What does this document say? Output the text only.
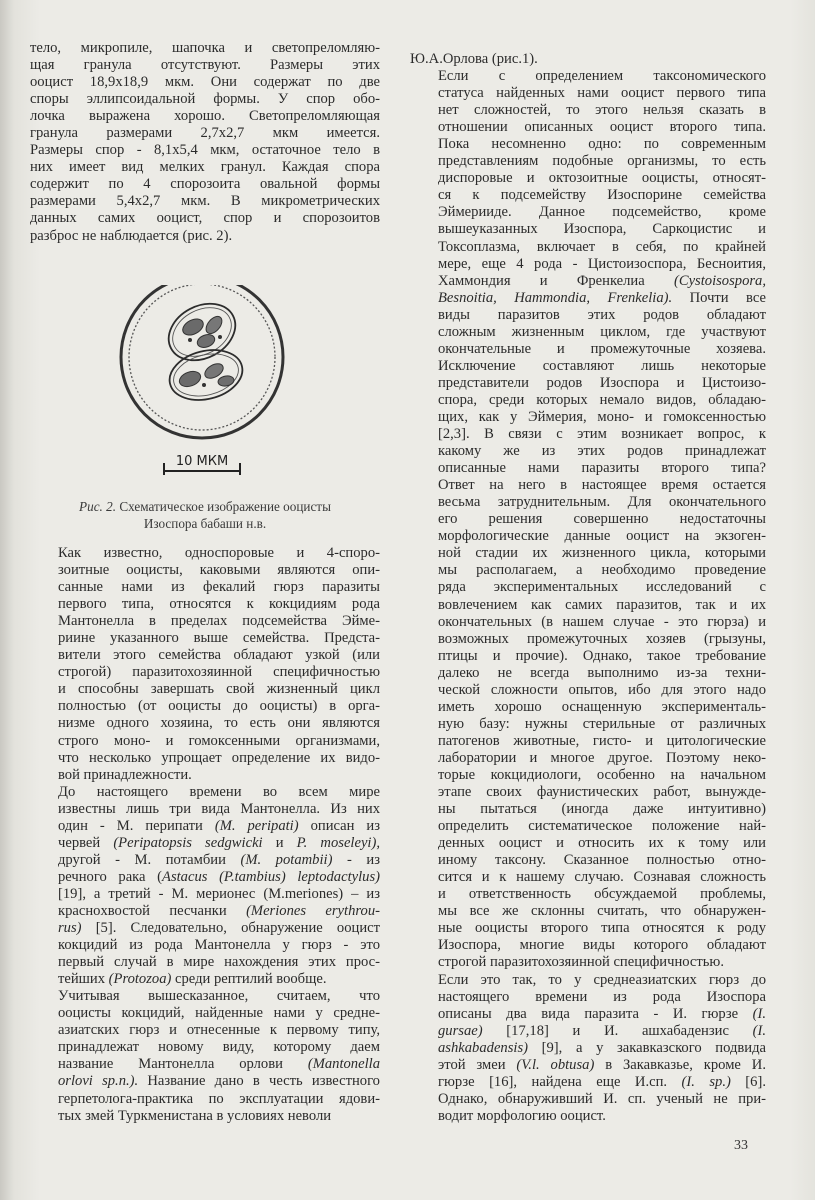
тело, микропиле, шапочка и светопреломляю-
щая гранула отсутствуют. Размеры этих
ооцист 18,9х18,9 мкм. Они содержат по две
споры эллипсоидальной формы. У спор обо-
лочка выражена хорошо. Светопреломляющая
гранула размерами 2,7х2,7 мкм имеется.
Размеры спор - 8,1х5,4 мкм, остаточное тело в
них имеет вид мелких гранул. Каждая спора
содержит по 4 спорозоита овальной формы
размерами 5,4х2,7 мкм. В микрометрических
данных самих ооцист, спор и спорозоитов
разброс не наблюдается (рис. 2).

10 МКМ
Рис. 2. Схематическое изображение ооцисты
Изоспора бабаши н.в.

Как известно, односпоровые и 4-споро-
зоитные ооцисты, каковыми являются опи-
санные нами из фекалий гюрз паразиты
первого типа, относятся к кокцидиям рода
Мантонелла в пределах подсемейства Эйме-
риине указанного выше семейства. Предста-
вители этого семейства обладают узкой (или
строгой) паразитохозяинной специфичностью
и способны завершать свой жизненный цикл
полностью (от ооцисты до ооцисты) в орга-
низме одного хозяина, то есть они являются
строго моно- и гомоксенными организмами,
что несколько упрощает определение их видо-
вой принадлежности.

До настоящего времени во всем мире
известны лишь три вида Мантонелла. Из них
один - М. перипати (M. peripati) описан из
червей (Peripatopsis sedgwicki и P. moseleyi),
другой - М. потамбии (M. potambii) - из
речного рака (Astacus (P.tambius) leptodactylus)
[19], а третий - М. мерионес (М.meriones) – из
красноxвостой песчанки (Meriones erythrou-
rus) [5]. Следовательно, обнаружение ооцист
кокцидий из рода Мантонелла у гюрз - это
первый случай в мире нахождения этих прос-
тейших (Protozoa) среди рептилий вообще.

Учитывая вышесказанное, считаем, что
ооцисты кокцидий, найденные нами у средне-
азиатских гюрз и отнесенные к первому типу,
принадлежат новому виду, которому даем
название Мантонелла орлови (Mantonella
orlovi sp.n.). Название дано в честь известного
герпетолога-практика по эксплуатации ядови-
тых змей Туркменистана в условиях неволи

Ю.А.Орлова (рис.1).

Если с определением таксономического
статуса найденных нами ооцист первого типа
нет сложностей, то этого нельзя сказать в
отношении описанных ооцист второго типа.
Пока несомненно одно: по современным
представлениям подобные организмы, то есть
диспоровые и октозоитные ооцисты, относят-
ся к подсемейству Изоспорине семейства
Эймерииде. Данное подсемейство, кроме
вышеуказанных Изоспора, Саркоцистис и
Токсоплазма, включает в себя, по крайней
мере, еще 4 рода - Цистоизоспора, Бесноития,
Хаммондия и Френкелиа (Cystoisospora,
Besnoitia, Hammondia, Frenkelia). Почти все
виды паразитов этих родов обладают
сложным жизненным циклом, где участвуют
окончательные и промежуточные хозяева.
Исключение составляют лишь некоторые
представители родов Изоспора и Цистоизо-
спора, среди которых немало видов, обладаю-
щих, как у Эймерия, моно- и гомоксенностью
[2,3]. В связи с этим возникает вопрос, к
какому же из этих родов принадлежат
описанные нами паразиты второго типа?
Ответ на него в настоящее время остается
весьма затруднительным. Для окончательного
его решения совершенно недостаточны
морфологические данные ооцист на экзоген-
ной стадии их жизненного цикла, которыми
мы располагаем, а необходимо проведение
ряда экспериментальных исследований с
вовлечением как самих паразитов, так и их
окончательных (в нашем случае - это гюрза) и
возможных промежуточных хозяев (грызуны,
птицы и прочие). Однако, такое требование
далеко не всегда выполнимо из-за техни-
ческой сложности опытов, ибо для этого надо
иметь хорошо оснащенную эксперименталь-
ную базу: нужны стерильные от различных
патогенов животные, гисто- и цитологические
лаборатории и многое другое. Поэтому неко-
торые кокцидиологи, особенно на начальном
этапе своих фаунистических работ, вынужде-
ны пытаться (иногда даже интуитивно)
определить систематическое положение най-
денных ооцист и относить их к тому или
иному таксону. Сказанное полностью отно-
сится и к нашему случаю. Сознавая сложность
и ответственность обсуждаемой проблемы,
мы все же склонны считать, что обнаружен-
ные ооцисты второго типа относятся к роду
Изоспора, многие виды которого обладают
строгой паразитохозяинной специфичностью.

Если это так, то у среднеазиатских гюрз до
настоящего времени из рода Изоспора
описаны два вида паразита - И. гюрзе (I.
gursae) [17,18] и И. ашхабадензис (I.
ashkabadensis) [9], а у закавказского подвида
этой змеи (V.l. obtusa) в Закавказье, кроме И.
гюрзе [16], найдена еще И.сп. (I. sp.) [6].
Однако, обнаруживший И. сп. ученый не при-
водит морфологию ооцист.

33
